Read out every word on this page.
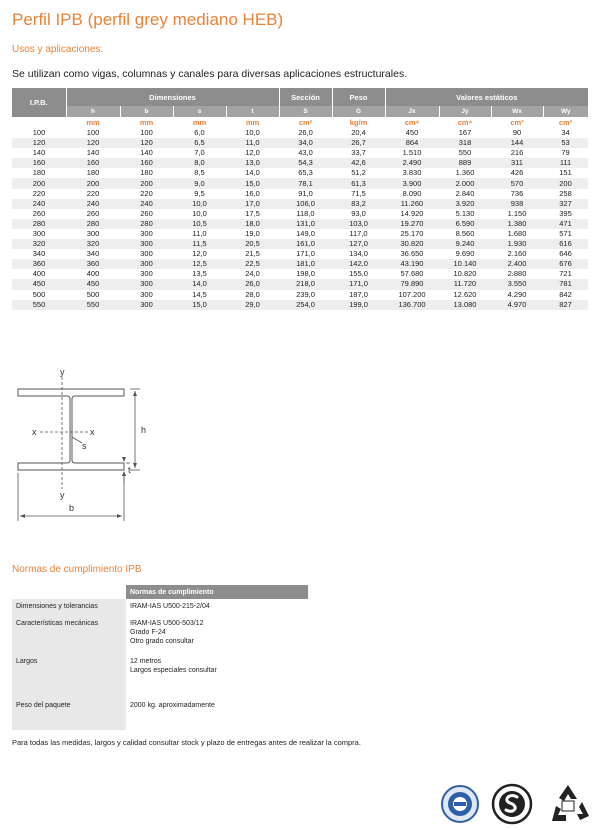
Perfil IPB (perfil grey mediano HEB)
Usos y aplicaciones:
Se utilizan como vigas, columnas y canales para diversas aplicaciones estructurales.
I.P.B.	Dimensiones				Sección	Peso	Valores estáticos			
	h	b	s	t	S	G	Jx	Jy	Wx	Wy
	mm	mm	mm	mm	cm²	kg/m	cm⁴	cm⁴	cm³	cm³
100	100	100	6,0	10,0	26,0	20,4	450	167	90	34
120	120	120	6,5	11,0	34,0	26,7	864	318	144	53
140	140	140	7,0	12,0	43,0	33,7	1.510	550	216	79
160	160	160	8,0	13,0	54,3	42,6	2.490	889	311	111
180	180	180	8,5	14,0	65,3	51,2	3.830	1.360	426	151
200	200	200	9,0	15,0	78,1	61,3	3.900	2.000	570	200
220	220	220	9,5	16,0	91,0	71,5	8.090	2.840	736	258
240	240	240	10,0	17,0	106,0	83,2	11.260	3.920	938	327
260	260	260	10,0	17,5	118,0	93,0	14.920	5.130	1.150	395
280	280	280	10,5	18,0	131,0	103,0	19.270	6.590	1.380	471
300	300	300	11,0	19,0	149,0	117,0	25.170	8.560	1.680	571
320	320	300	11,5	20,5	161,0	127,0	30.820	9.240	1.930	616
340	340	300	12,0	21,5	171,0	134,0	36.650	9.690	2.160	646
360	360	300	12,5	22,5	181,0	142,0	43.190	10.140	2.400	676
400	400	300	13,5	24,0	198,0	155,0	57.680	10.820	2.880	721
450	450	300	14,0	26,0	218,0	171,0	79.890	11.720	3.550	781
500	500	300	14,5	28,0	239,0	187,0	107.200	12.620	4.290	842
550	550	300	15,0	29,0	254,0	199,0	136.700	13.080	4.970	827
y
y
x	x
s
h
t
b
Normas de cumplimiento IPB
	Normas de cumplimiento
Dimensiones y tolerancias	IRAM-IAS U500-215-2/04

Características mecánicas	IRAM-IAS U500-503/12
Grado F-24
Otro grado consultar

Largos	12 metros
Largos especiales consultar

Peso del paquete	2000 kg. aproximadamente
Para todas las medidas, largos y calidad consultar stock y plazo de entregas antes de realizar la compra.
